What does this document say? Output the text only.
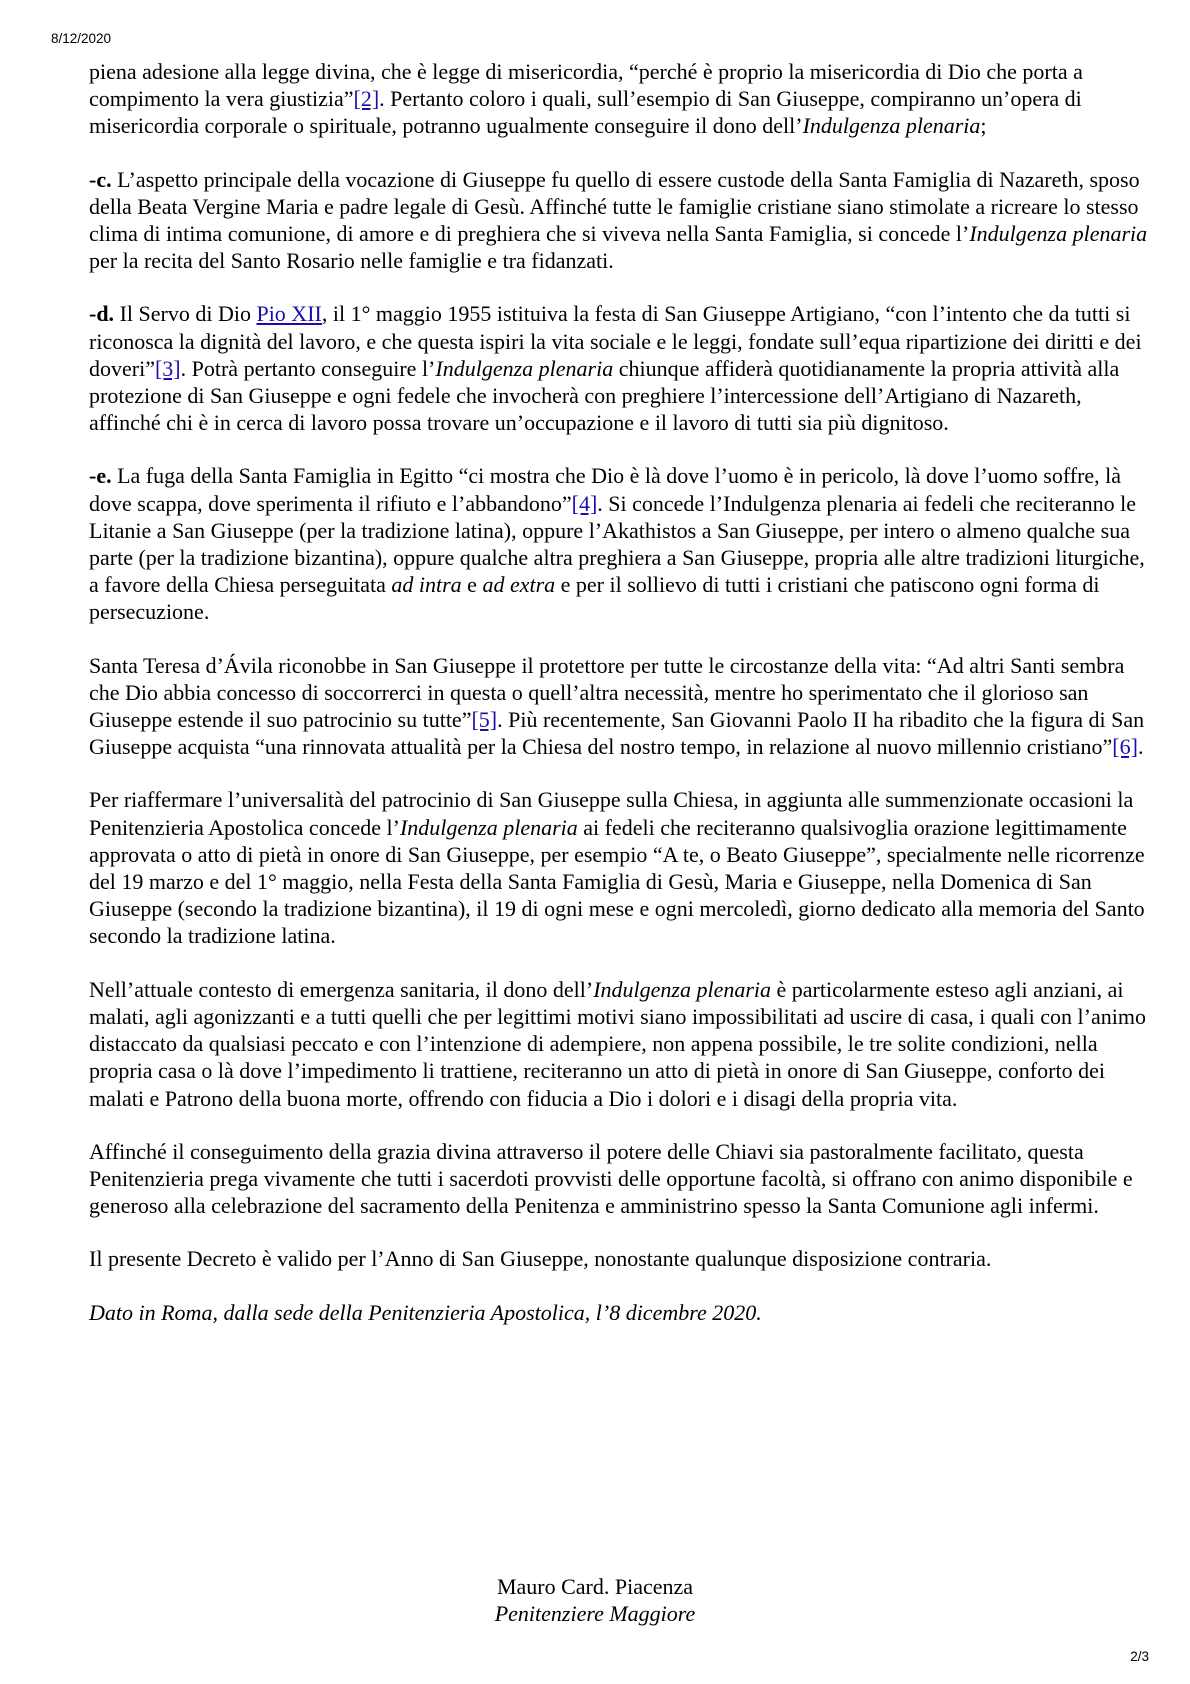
8/12/2020

piena adesione alla legge divina, che è legge di misericordia, “perché è proprio la misericordia di Dio che porta a compimento la vera giustizia”[2]. Pertanto coloro i quali, sull’esempio di San Giuseppe, compiranno un’opera di misericordia corporale o spirituale, potranno ugualmente conseguire il dono dell’Indulgenza plenaria;

-c. L’aspetto principale della vocazione di Giuseppe fu quello di essere custode della Santa Famiglia di Nazareth, sposo della Beata Vergine Maria e padre legale di Gesù. Affinché tutte le famiglie cristiane siano stimolate a ricreare lo stesso clima di intima comunione, di amore e di preghiera che si viveva nella Santa Famiglia, si concede l’Indulgenza plenaria per la recita del Santo Rosario nelle famiglie e tra fidanzati.

-d. Il Servo di Dio Pio XII, il 1° maggio 1955 istituiva la festa di San Giuseppe Artigiano, “con l’intento che da tutti si riconosca la dignità del lavoro, e che questa ispiri la vita sociale e le leggi, fondate sull’equa ripartizione dei diritti e dei doveri”[3]. Potrà pertanto conseguire l’Indulgenza plenaria chiunque affiderà quotidianamente la propria attività alla protezione di San Giuseppe e ogni fedele che invocherà con preghiere l’intercessione dell’Artigiano di Nazareth, affinché chi è in cerca di lavoro possa trovare un’occupazione e il lavoro di tutti sia più dignitoso.

-e. La fuga della Santa Famiglia in Egitto “ci mostra che Dio è là dove l’uomo è in pericolo, là dove l’uomo soffre, là dove scappa, dove sperimenta il rifiuto e l’abbandono”[4]. Si concede l’Indulgenza plenaria ai fedeli che reciteranno le Litanie a San Giuseppe (per la tradizione latina), oppure l’Akathistos a San Giuseppe, per intero o almeno qualche sua parte (per la tradizione bizantina), oppure qualche altra preghiera a San Giuseppe, propria alle altre tradizioni liturgiche, a favore della Chiesa perseguitata ad intra e ad extra e per il sollievo di tutti i cristiani che patiscono ogni forma di persecuzione.

Santa Teresa d’Ávila riconobbe in San Giuseppe il protettore per tutte le circostanze della vita: “Ad altri Santi sembra che Dio abbia concesso di soccorrerci in questa o quell’altra necessità, mentre ho sperimentato che il glorioso san Giuseppe estende il suo patrocinio su tutte”[5]. Più recentemente, San Giovanni Paolo II ha ribadito che la figura di San Giuseppe acquista “una rinnovata attualità per la Chiesa del nostro tempo, in relazione al nuovo millennio cristiano”[6].

Per riaffermare l’universalità del patrocinio di San Giuseppe sulla Chiesa, in aggiunta alle summenzionate occasioni la Penitenzieria Apostolica concede l’Indulgenza plenaria ai fedeli che reciteranno qualsivoglia orazione legittimamente approvata o atto di pietà in onore di San Giuseppe, per esempio “A te, o Beato Giuseppe”, specialmente nelle ricorrenze del 19 marzo e del 1° maggio, nella Festa della Santa Famiglia di Gesù, Maria e Giuseppe, nella Domenica di San Giuseppe (secondo la tradizione bizantina), il 19 di ogni mese e ogni mercoledì, giorno dedicato alla memoria del Santo secondo la tradizione latina.

Nell’attuale contesto di emergenza sanitaria, il dono dell’Indulgenza plenaria è particolarmente esteso agli anziani, ai malati, agli agonizzanti e a tutti quelli che per legittimi motivi siano impossibilitati ad uscire di casa, i quali con l’animo distaccato da qualsiasi peccato e con l’intenzione di adempiere, non appena possibile, le tre solite condizioni, nella propria casa o là dove l’impedimento li trattiene, reciteranno un atto di pietà in onore di San Giuseppe, conforto dei malati e Patrono della buona morte, offrendo con fiducia a Dio i dolori e i disagi della propria vita.

Affinché il conseguimento della grazia divina attraverso il potere delle Chiavi sia pastoralmente facilitato, questa Penitenzieria prega vivamente che tutti i sacerdoti provvisti delle opportune facoltà, si offrano con animo disponibile e generoso alla celebrazione del sacramento della Penitenza e amministrino spesso la Santa Comunione agli infermi.

Il presente Decreto è valido per l’Anno di San Giuseppe, nonostante qualunque disposizione contraria.

Dato in Roma, dalla sede della Penitenzieria Apostolica, l’8 dicembre 2020.

Mauro Card. Piacenza
Penitenziere Maggiore
2/3
